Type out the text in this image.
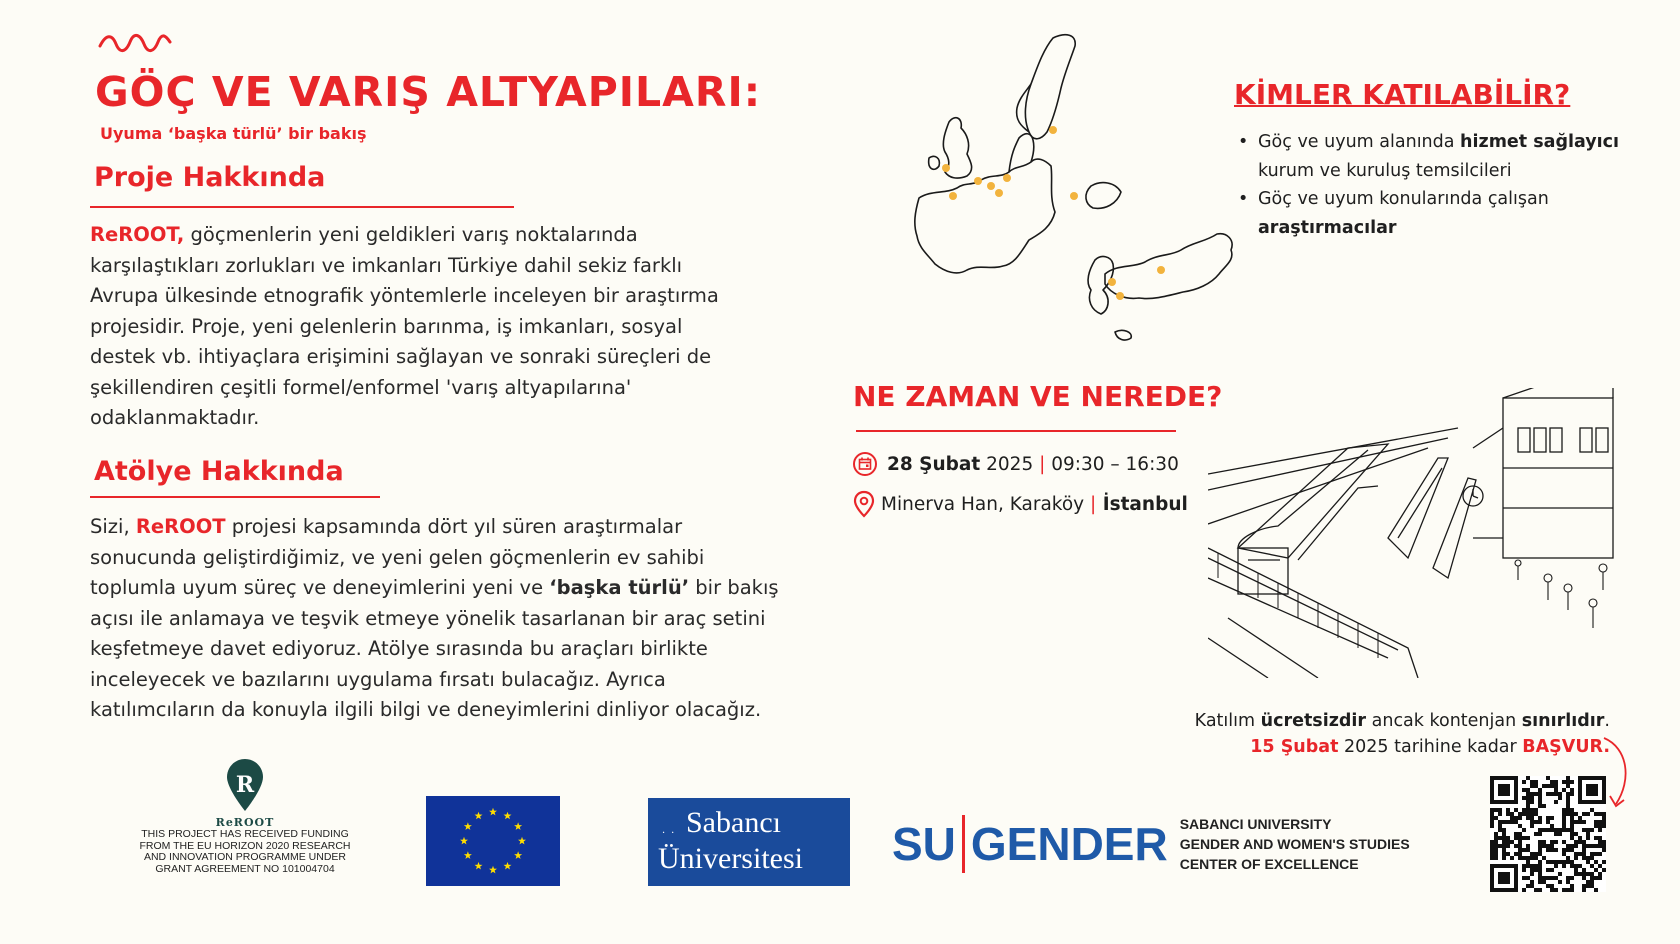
GÖÇ VE VARIŞ ALTYAPILARI:
Uyuma ‘başka türlü’ bir bakış
Proje Hakkında

ReROOT, göçmenlerin yeni geldikleri varış noktalarında

karşılaştıkları zorlukları ve imkanları Türkiye dahil sekiz farklı

Avrupa ülkesinde etnografik yöntemlerle inceleyen bir araştırma

projesidir. Proje, yeni gelenlerin barınma, iş imkanları, sosyal

destek vb. ihtiyaçlara erişimini sağlayan ve sonraki süreçleri de

şekillendiren çeşitli formel/enformel 'varış altyapılarına'

odaklanmaktadır.

Atölye Hakkında

Sizi, ReROOT projesi kapsamında dört yıl süren araştırmalar

sonucunda geliştirdiğimiz, ve yeni gelen göçmenlerin ev sahibi

toplumla uyum süreç ve deneyimlerini yeni ve ‘başka türlü’ bir bakış

açısı ile anlamaya ve teşvik etmeye yönelik tasarlanan bir araç setini

keşfetmeye davet ediyoruz. Atölye sırasında bu araçları birlikte

inceleyecek ve bazılarını uygulama fırsatı bulacağız. Ayrıca

katılımcıların da konuyla ilgili bilgi ve deneyimlerini dinliyor olacağız.

KİMLER KATILABİLİR?
• Göç ve uyum alanında hizmet sağlayıcı
kurum ve kuruluş temsilcileri
• Göç ve uyum konularında çalışan
araştırmacılar
NE ZAMAN VE NEREDE?
28 Şubat 2025 | 09:30 – 16:30
Minerva Han, Karaköy | İstanbul
Katılım ücretsizdir ancak kontenjan sınırlıdır.
15 Şubat 2025 tarihine kadar BAŞVUR.
R
ReROOT
THIS PROJECT HAS RECEIVED FUNDING
FROM THE EU HORIZON 2020 RESEARCH
AND INNOVATION PROGRAMME UNDER
GRANT AGREEMENT NO 101004704
·· Sabancı
Üniversitesi SU GENDER SABANCI UNIVERSITY
GENDER AND WOMEN'S STUDIES
CENTER OF EXCELLENCE
